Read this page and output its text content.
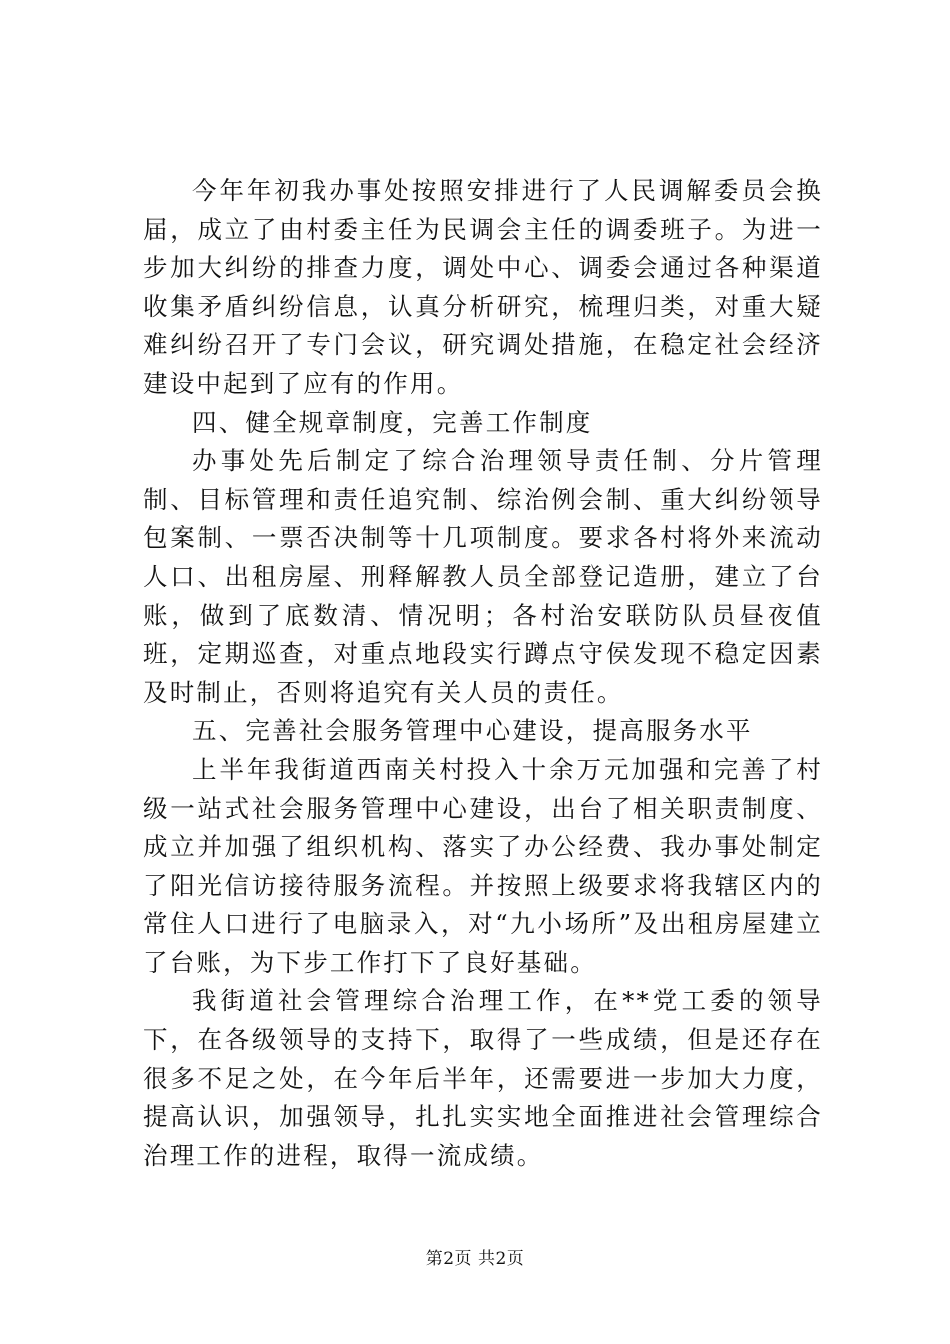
今年年初我办事处按照安排进行了人民调解委员会换届，成立了由村委主任为民调会主任的调委班子。为进一步加大纠纷的排查力度，调处中心、调委会通过各种渠道收集矛盾纠纷信息，认真分析研究，梳理归类，对重大疑难纠纷召开了专门会议，研究调处措施，在稳定社会经济建设中起到了应有的作用。

四、健全规章制度，完善工作制度

办事处先后制定了综合治理领导责任制、分片管理制、目标管理和责任追究制、综治例会制、重大纠纷领导包案制、一票否决制等十几项制度。要求各村将外来流动人口、出租房屋、刑释解教人员全部登记造册，建立了台账，做到了底数清、情况明；各村治安联防队员昼夜值班，定期巡查，对重点地段实行蹲点守侯发现不稳定因素及时制止，否则将追究有关人员的责任。

五、完善社会服务管理中心建设，提高服务水平

上半年我街道西南关村投入十余万元加强和完善了村级一站式社会服务管理中心建设，出台了相关职责制度、成立并加强了组织机构、落实了办公经费、我办事处制定了阳光信访接待服务流程。并按照上级要求将我辖区内的常住人口进行了电脑录入，对“九小场所”及出租房屋建立了台账，为下步工作打下了良好基础。

我街道社会管理综合治理工作，在**党工委的领导下，在各级领导的支持下，取得了一些成绩，但是还存在很多不足之处，在今年后半年，还需要进一步加大力度，提高认识，加强领导，扎扎实实地全面推进社会管理综合治理工作的进程，取得一流成绩。

第2页 共2页
